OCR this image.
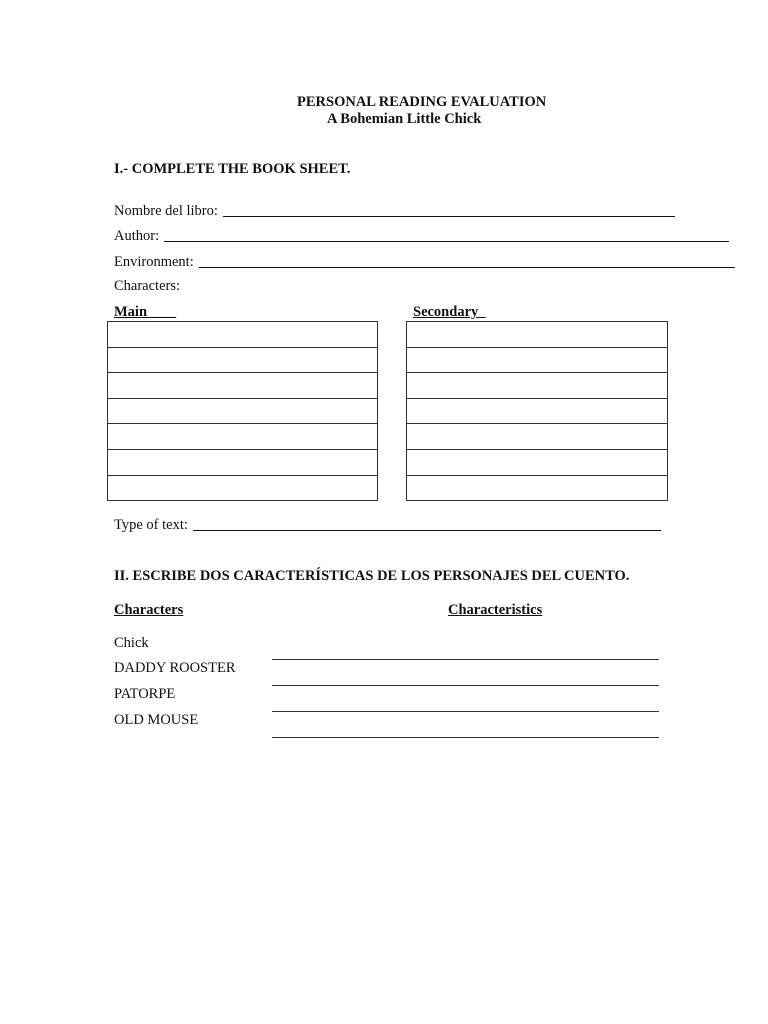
PERSONAL READING EVALUATION
A Bohemian Little Chick
I.- COMPLETE THE BOOK SHEET.
Nombre del libro:
Author:
Environment:
Characters:
Main____	Secondary_

Type of text:
II. ESCRIBE DOS CARACTERÍSTICAS DE LOS PERSONAJES DEL CUENTO.
Characters	Characteristics
Chick
DADDY ROOSTER
PATORPE
OLD MOUSE
